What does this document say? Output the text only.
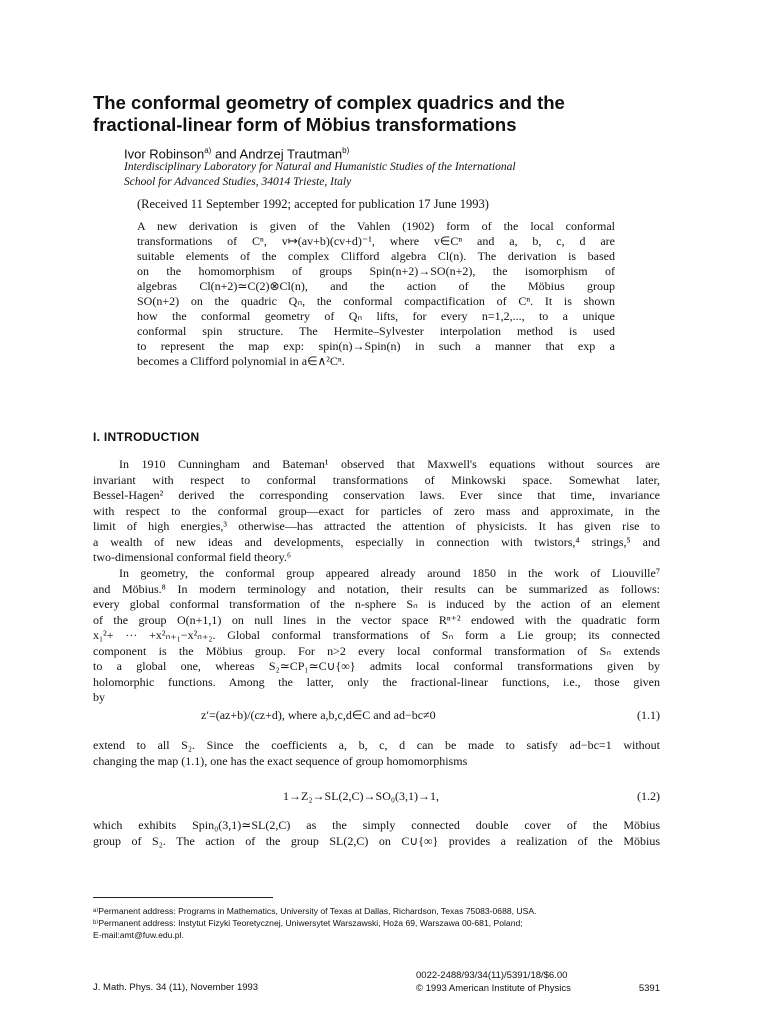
The conformal geometry of complex quadrics and the
fractional-linear form of Möbius transformations
Ivor Robinson$^{a)}$ and Andrzej Trautman$^{b)}$
Interdisciplinary Laboratory for Natural and Humanistic Studies of the International
School for Advanced Studies, 34014 Trieste, Italy
(Received 11 September 1992; accepted for publication 17 June 1993)
A new derivation is given of the Vahlen (1902) form of the local conformal
transformations of Cⁿ, v↦(av+b)(cv+d)⁻¹, where v∈Cⁿ and a, b, c, d are
suitable elements of the complex Clifford algebra Cl(n). The derivation is based
on the homomorphism of groups Spin(n+2)→SO(n+2), the isomorphism of
algebras Cl(n+2)≃C(2)⊗Cl(n), and the action of the Möbius group
SO(n+2) on the quadric Qₙ, the conformal compactification of Cⁿ. It is shown
how the conformal geometry of Qₙ lifts, for every n=1,2,..., to a unique
conformal spin structure. The Hermite–Sylvester interpolation method is used
to represent the map exp: spin(n)→Spin(n) in such a manner that exp a
becomes a Clifford polynomial in a∈∧²Cⁿ.
I. INTRODUCTION
In 1910 Cunningham and Bateman¹ observed that Maxwell's equations without sources are
invariant with respect to conformal transformations of Minkowski space. Somewhat later,
Bessel-Hagen² derived the corresponding conservation laws. Ever since that time, invariance
with respect to the conformal group—exact for particles of zero mass and approximate, in the
limit of high energies,³ otherwise—has attracted the attention of physicists. It has given rise to
a wealth of new ideas and developments, especially in connection with twistors,⁴ strings,⁵ and
two-dimensional conformal field theory.⁶
In geometry, the conformal group appeared already around 1850 in the work of Liouville⁷
and Möbius.⁸ In modern terminology and notation, their results can be summarized as follows:
every global conformal transformation of the n-sphere Sₙ is induced by the action of an element
of the group O(n+1,1) on null lines in the vector space Rⁿ⁺² endowed with the quadratic form
x₁²+ ··· +x²ₙ₊₁−x²ₙ₊₂. Global conformal transformations of Sₙ form a Lie group; its connected
component is the Möbius group. For n>2 every local conformal transformation of Sₙ extends
to a global one, whereas S₂≃CP₁≃C∪{∞} admits local conformal transformations given by
holomorphic functions. Among the latter, only the fractional-linear functions, i.e., those given
by
z′=(az+b)/(cz+d), where a,b,c,d∈C and ad−bc≠0	(1.1)
extend to all S₂. Since the coefficients a, b, c, d can be made to satisfy ad−bc=1 without
changing the map (1.1), one has the exact sequence of group homomorphisms
1→Z₂→SL(2,C)→SO₀(3,1)→1,	(1.2)
which exhibits Spin₀(3,1)≃SL(2,C) as the simply connected double cover of the Möbius
group of S₂. The action of the group SL(2,C) on C∪{∞} provides a realization of the Möbius
ᵃ⁾Permanent address: Programs in Mathematics, University of Texas at Dallas, Richardson, Texas 75083-0688, USA.
ᵇ⁾Permanent address: Instytut Fizyki Teoretycznej, Uniwersytet Warszawski, Hoża 69, Warszawa 00-681, Poland;
E-mail:amt@fuw.edu.pl.
J. Math. Phys. 34 (11), November 1993
0022-2488/93/34(11)/5391/18/$6.00
© 1993 American Institute of Physics	5391
